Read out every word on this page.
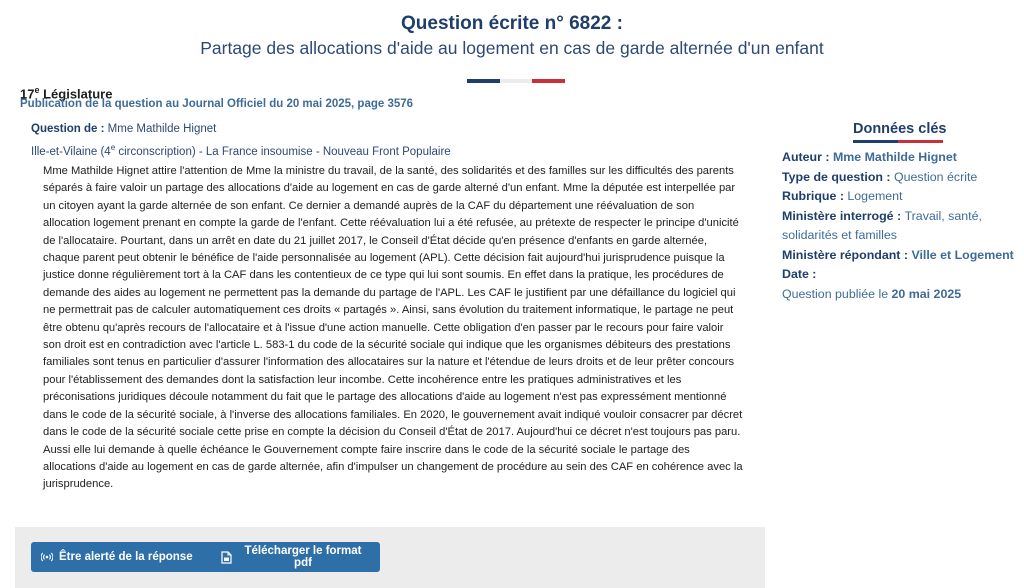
Question écrite n° 6822 :
Partage des allocations d'aide au logement en cas de garde alternée d'un enfant
17e Législature
Publication de la question au Journal Officiel du 20 mai 2025, page 3576
Question de : Mme Mathilde Hignet
Ille-et-Vilaine (4e circonscription) - La France insoumise - Nouveau Front Populaire
Mme Mathilde Hignet attire l'attention de Mme la ministre du travail, de la santé, des solidarités et des familles sur les difficultés des parents séparés à faire valoir un partage des allocations d'aide au logement en cas de garde alterné d'un enfant. Mme la députée est interpellée par un citoyen ayant la garde alternée de son enfant. Ce dernier a demandé auprès de la CAF du département une réévaluation de son allocation logement prenant en compte la garde de l'enfant. Cette réévaluation lui a été refusée, au prétexte de respecter le principe d'unicité de l'allocataire. Pourtant, dans un arrêt en date du 21 juillet 2017, le Conseil d'État décide qu'en présence d'enfants en garde alternée, chaque parent peut obtenir le bénéfice de l'aide personnalisée au logement (APL). Cette décision fait aujourd'hui jurisprudence puisque la justice donne régulièrement tort à la CAF dans les contentieux de ce type qui lui sont soumis. En effet dans la pratique, les procédures de demande des aides au logement ne permettent pas la demande du partage de l'APL. Les CAF le justifient par une défaillance du logiciel qui ne permettrait pas de calculer automatiquement ces droits « partagés ». Ainsi, sans évolution du traitement informatique, le partage ne peut être obtenu qu'après recours de l'allocataire et à l'issue d'une action manuelle. Cette obligation d'en passer par le recours pour faire valoir son droit est en contradiction avec l'article L. 583-1 du code de la sécurité sociale qui indique que les organismes débiteurs des prestations familiales sont tenus en particulier d'assurer l'information des allocataires sur la nature et l'étendue de leurs droits et de leur prêter concours pour l'établissement des demandes dont la satisfaction leur incombe. Cette incohérence entre les pratiques administratives et les préconisations juridiques découle notamment du fait que le partage des allocations d'aide au logement n'est pas expressément mentionné dans le code de la sécurité sociale, à l'inverse des allocations familiales. En 2020, le gouvernement avait indiqué vouloir consacrer par décret dans le code de la sécurité sociale cette prise en compte la décision du Conseil d'État de 2017. Aujourd'hui ce décret n'est toujours pas paru. Aussi elle lui demande à quelle échéance le Gouvernement compte faire inscrire dans le code de la sécurité sociale le partage des allocations d'aide au logement en cas de garde alternée, afin d'impulser un changement de procédure au sein des CAF en cohérence avec la jurisprudence.
Être alerté de la réponse	Télécharger le format pdf
Données clés
Auteur : Mme Mathilde Hignet
Type de question : Question écrite
Rubrique : Logement
Ministère interrogé : Travail, santé, solidarités et familles
Ministère répondant : Ville et Logement
Date :
Question publiée le 20 mai 2025
